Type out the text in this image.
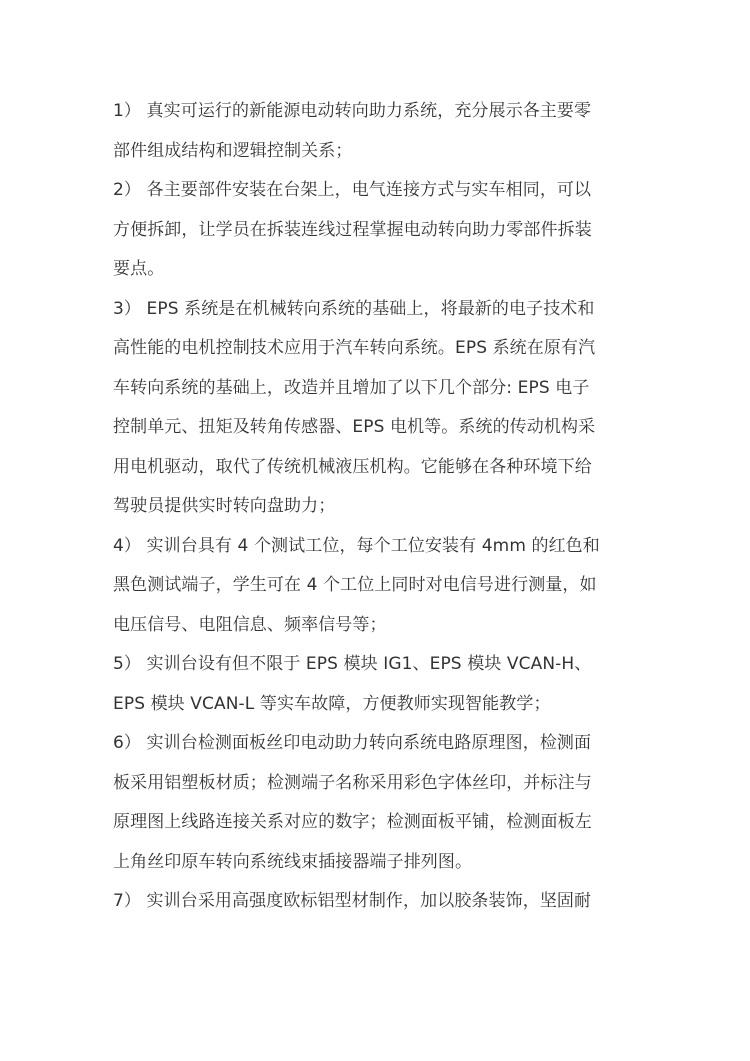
1） 真实可运行的新能源电动转向助力系统，充分展示各主要零
部件组成结构和逻辑控制关系；
2） 各主要部件安装在台架上，电气连接方式与实车相同，可以
方便拆卸，让学员在拆装连线过程掌握电动转向助力零部件拆装
要点。
3） EPS 系统是在机械转向系统的基础上，将最新的电子技术和
高性能的电机控制技术应用于汽车转向系统。EPS 系统在原有汽
车转向系统的基础上，改造并且增加了以下几个部分: EPS 电子
控制单元、扭矩及转角传感器、EPS 电机等。系统的传动机构采
用电机驱动，取代了传统机械液压机构。它能够在各种环境下给
驾驶员提供实时转向盘助力；
4） 实训台具有 4 个测试工位，每个工位安装有 4mm 的红色和
黑色测试端子，学生可在 4 个工位上同时对电信号进行测量，如
电压信号、电阻信息、频率信号等；
5） 实训台设有但不限于 EPS 模块 IG1、EPS 模块 VCAN-H、
EPS 模块 VCAN-L 等实车故障，方便教师实现智能教学；
6） 实训台检测面板丝印电动助力转向系统电路原理图，检测面
板采用铝塑板材质；检测端子名称采用彩色字体丝印，并标注与
原理图上线路连接关系对应的数字；检测面板平铺，检测面板左
上角丝印原车转向系统线束插接器端子排列图。
7） 实训台采用高强度欧标铝型材制作，加以胶条装饰，坚固耐
